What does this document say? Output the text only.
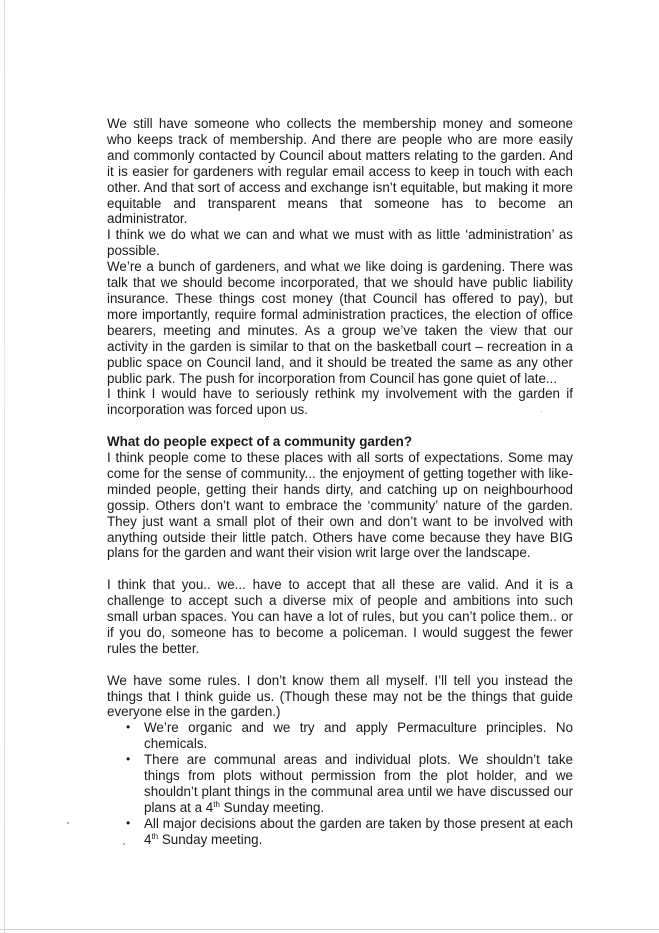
We still have someone who collects the membership money and someone who keeps track of membership. And there are people who are more easily and commonly contacted by Council about matters relating to the garden. And it is easier for gardeners with regular email access to keep in touch with each other. And that sort of access and exchange isn’t equitable, but making it more equitable and transparent means that someone has to become an administrator.

I think we do what we can and what we must with as little ‘administration’ as possible.

We’re a bunch of gardeners, and what we like doing is gardening. There was talk that we should become incorporated, that we should have public liability insurance. These things cost money (that Council has offered to pay), but more importantly, require formal administration practices, the election of office bearers, meeting and minutes. As a group we’ve taken the view that our activity in the garden is similar to that on the basketball court – recreation in a public space on Council land, and it should be treated the same as any other public park. The push for incorporation from Council has gone quiet of late...

I think I would have to seriously rethink my involvement with the garden if incorporation was forced upon us.

What do people expect of a community garden?

I think people come to these places with all sorts of expectations. Some may come for the sense of community... the enjoyment of getting together with like-minded people, getting their hands dirty, and catching up on neighbourhood gossip. Others don’t want to embrace the ‘community’ nature of the garden. They just want a small plot of their own and don’t want to be involved with anything outside their little patch. Others have come because they have BIG plans for the garden and want their vision writ large over the landscape.

I think that you.. we... have to accept that all these are valid. And it is a challenge to accept such a diverse mix of people and ambitions into such small urban spaces. You can have a lot of rules, but you can’t police them.. or if you do, someone has to become a policeman. I would suggest the fewer rules the better.

We have some rules. I don’t know them all myself. I’ll tell you instead the things that I think guide us. (Though these may not be the things that guide everyone else in the garden.)

• We’re organic and we try and apply Permaculture principles. No chemicals.
• There are communal areas and individual plots. We shouldn’t take things from plots without permission from the plot holder, and we shouldn’t plant things in the communal area until we have discussed our plans at a 4th Sunday meeting.
• All major decisions about the garden are taken by those present at each 4th Sunday meeting.
